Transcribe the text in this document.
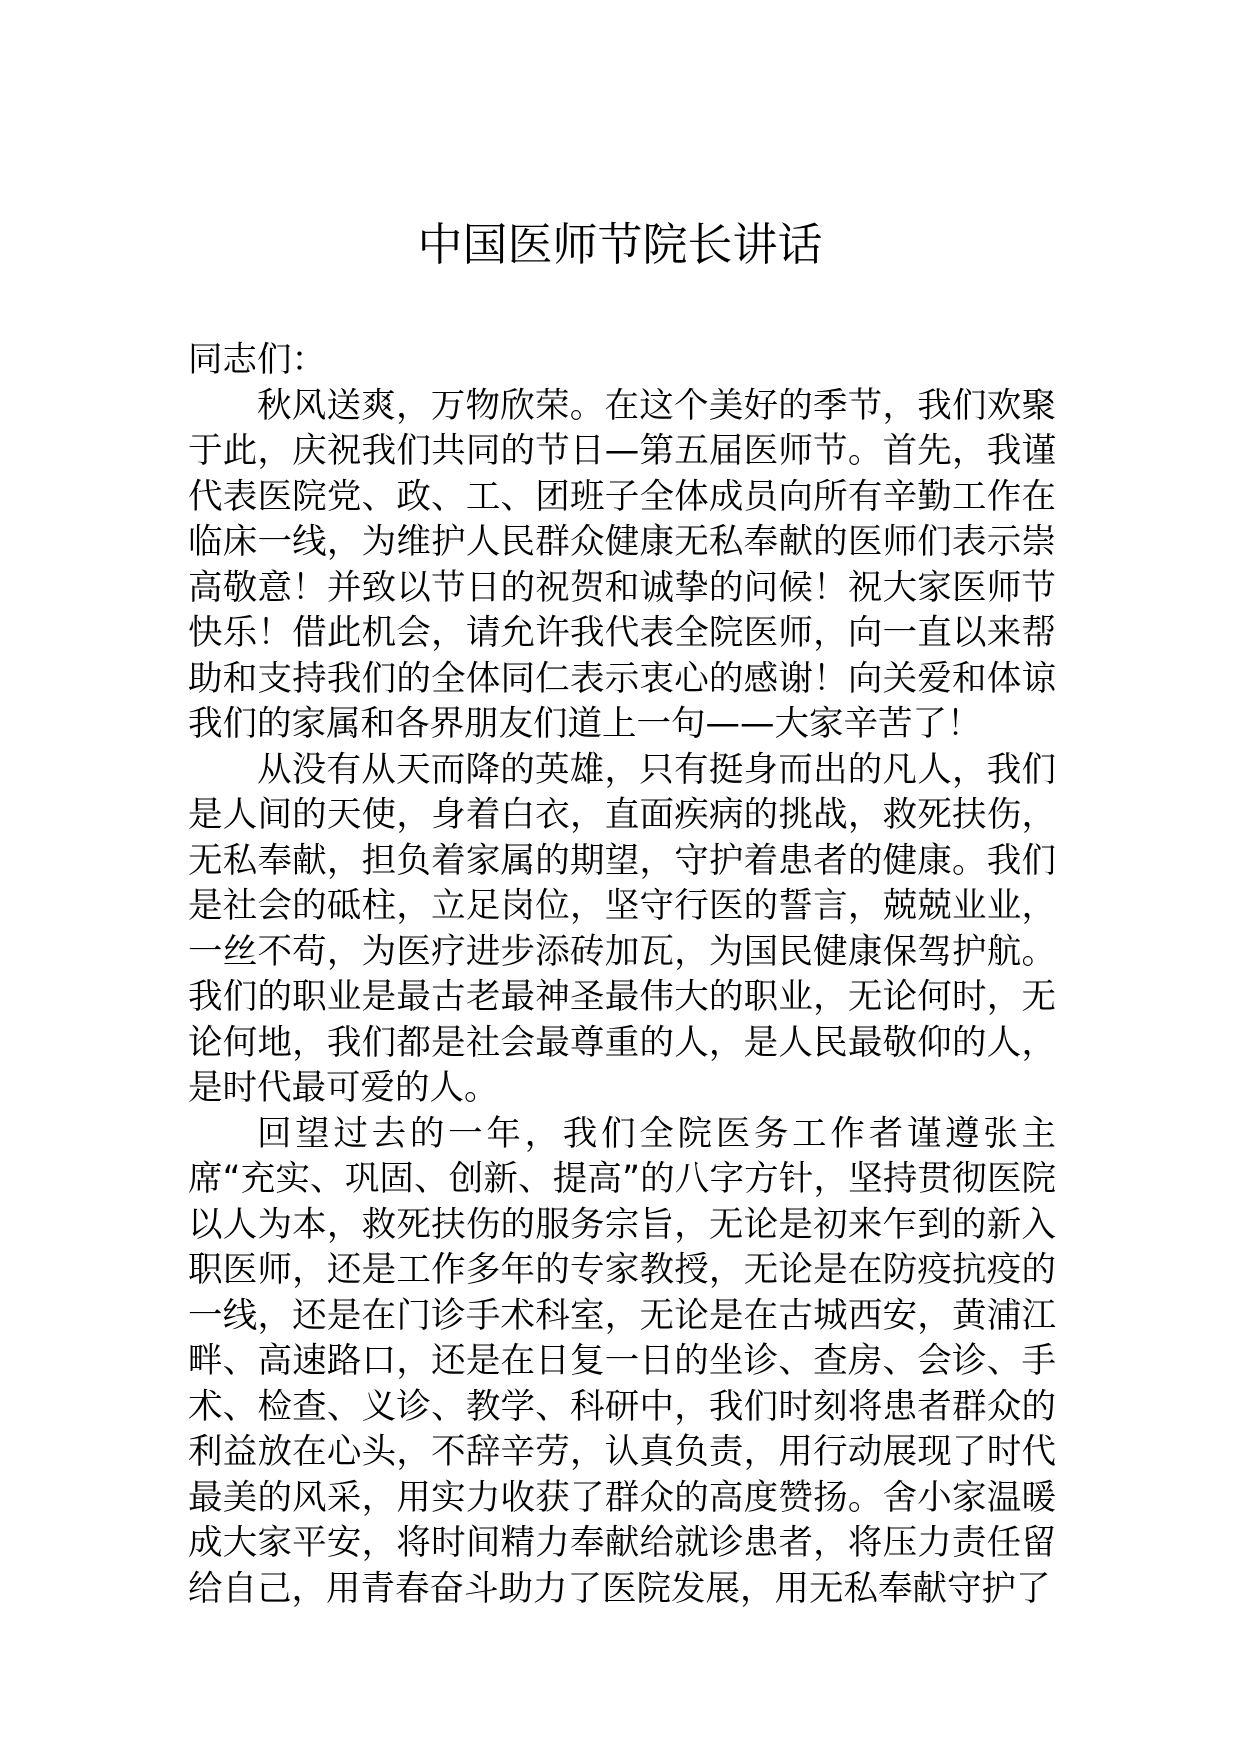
中国医师节院长讲话

同志们：

秋风送爽，万物欣荣。在这个美好的季节，我们欢聚于此，庆祝我们共同的节日—第五届医师节。首先，我谨代表医院党、政、工、团班子全体成员向所有辛勤工作在临床一线，为维护人民群众健康无私奉献的医师们表示崇高敬意！并致以节日的祝贺和诚挚的问候！祝大家医师节快乐！借此机会，请允许我代表全院医师，向一直以来帮助和支持我们的全体同仁表示衷心的感谢！向关爱和体谅我们的家属和各界朋友们道上一句——大家辛苦了！

从没有从天而降的英雄，只有挺身而出的凡人，我们是人间的天使，身着白衣，直面疾病的挑战，救死扶伤，无私奉献，担负着家属的期望，守护着患者的健康。我们是社会的砥柱，立足岗位，坚守行医的誓言，兢兢业业，一丝不苟，为医疗进步添砖加瓦，为国民健康保驾护航。我们的职业是最古老最神圣最伟大的职业，无论何时，无论何地，我们都是社会最尊重的人，是人民最敬仰的人，是时代最可爱的人。

回望过去的一年，我们全院医务工作者谨遵张主席“充实、巩固、创新、提高”的八字方针，坚持贯彻医院以人为本，救死扶伤的服务宗旨，无论是初来乍到的新入职医师，还是工作多年的专家教授，无论是在防疫抗疫的一线，还是在门诊手术科室，无论是在古城西安，黄浦江畔、高速路口，还是在日复一日的坐诊、查房、会诊、手术、检查、义诊、教学、科研中，我们时刻将患者群众的利益放在心头，不辞辛劳，认真负责，用行动展现了时代最美的风采，用实力收获了群众的高度赞扬。舍小家温暖成大家平安，将时间精力奉献给就诊患者，将压力责任留给自己，用青春奋斗助力了医院发展，用无私奉献守护了
